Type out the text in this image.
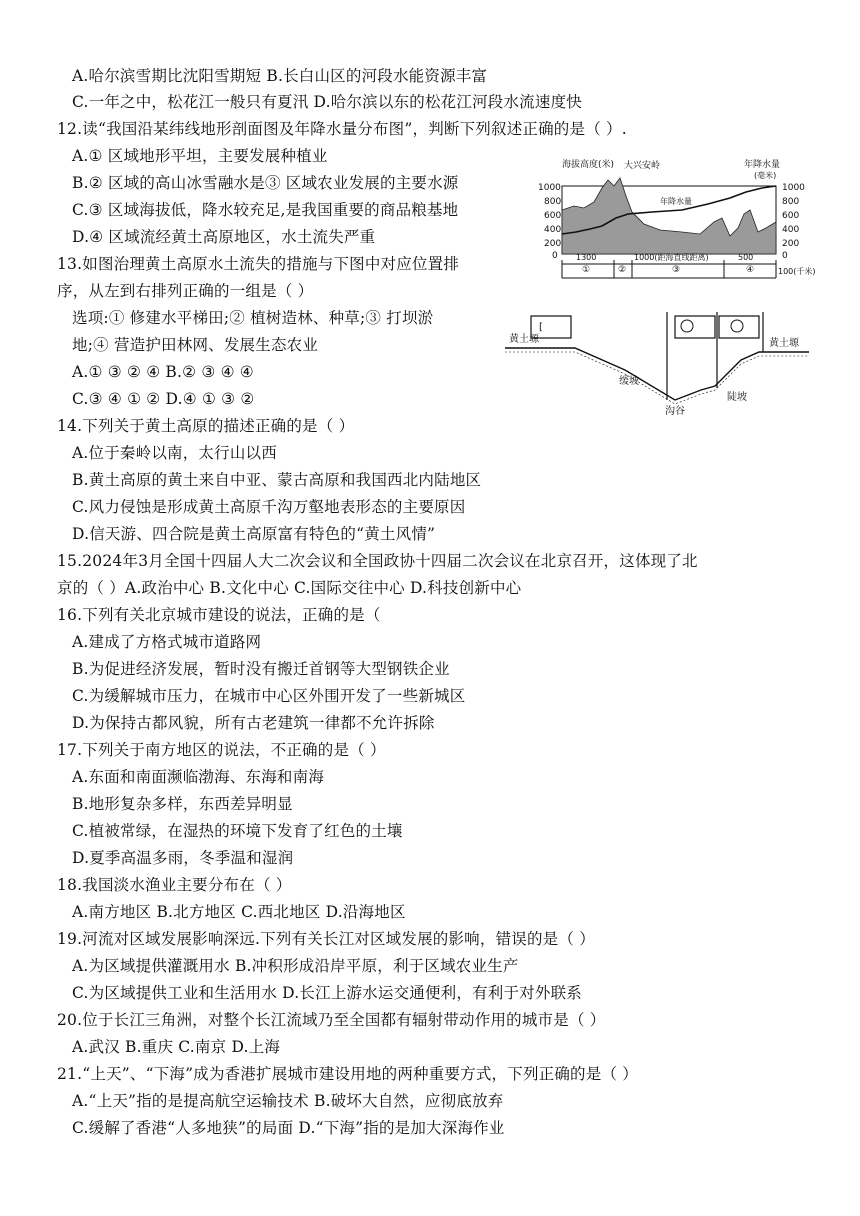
A.哈尔滨雪期比沈阳雪期短 B.长白山区的河段水能资源丰富
C.一年之中，松花江一般只有夏汛 D.哈尔滨以东的松花江河段水流速度快
12.读“我国沿某纬线地形剖面图及年降水量分布图”，判断下列叙述正确的是（ ）.
A.① 区域地形平坦，主要发展种植业
B.② 区域的高山冰雪融水是③ 区域农业发展的主要水源
C.③ 区域海拔低，降水较充足,是我国重要的商品粮基地
D.④ 区域流经黄土高原地区，水土流失严重
13.如图治理黄土高原水土流失的措施与下图中对应位置排
序，从左到右排列正确的一组是（ ）
选项:① 修建水平梯田;② 植树造林、种草;③ 打坝淤
地;④ 营造护田林网、发展生态农业
A.① ③ ② ④ B.② ③ ④ ④
C.③ ④ ① ② D.④ ① ③ ②
14.下列关于黄土高原的描述正确的是（ ）
A.位于秦岭以南，太行山以西
B.黄土高原的黄土来自中亚、蒙古高原和我国西北内陆地区
C.风力侵蚀是形成黄土高原千沟万壑地表形态的主要原因
D.信天游、四合院是黄土高原富有特色的“黄土风情”
15.2024年3月全国十四届人大二次会议和全国政协十四届二次会议在北京召开，这体现了北
京的（ ）A.政治中心 B.文化中心 C.国际交往中心 D.科技创新中心
16.下列有关北京城市建设的说法，正确的是（
A.建成了方格式城市道路网
B.为促进经济发展，暂时没有搬迁首钢等大型钢铁企业
C.为缓解城市压力，在城市中心区外围开发了一些新城区
D.为保持古都风貌，所有古老建筑一律都不允许拆除
17.下列关于南方地区的说法，不正确的是（ ）
A.东面和南面濒临渤海、东海和南海
B.地形复杂多样，东西差异明显
C.植被常绿，在湿热的环境下发育了红色的土壤
D.夏季高温多雨，冬季温和湿润
18.我国淡水渔业主要分布在（ ）
A.南方地区 B.北方地区 C.西北地区 D.沿海地区
19.河流对区域发展影响深远.下列有关长江对区域发展的影响，错误的是（ ）
A.为区域提供灌溉用水 B.冲积形成沿岸平原，利于区域农业生产
C.为区域提供工业和生活用水 D.长江上游水运交通便利，有利于对外联系
20.位于长江三角洲，对整个长江流域乃至全国都有辐射带动作用的城市是（ ）
A.武汉 B.重庆 C.南京 D.上海
21.“上天”、“下海”成为香港扩展城市建设用地的两种重要方式，下列正确的是（ ）
A.“上天”指的是提高航空运输技术 B.破坏大自然，应彻底放弃
C.缓解了香港“人多地狭”的局面 D.“下海”指的是加大深海作业
海拔高度(米)	年降水量
(毫米)
大兴安岭
1000
800
600
400
200
0
1000
800
600
400
200
0
年降水量
①	②	③	④
1300	1000(距海直线距离)	500
100(千米)
[
黄土塬	黄土塬
缓坡
沟谷
陡坡
